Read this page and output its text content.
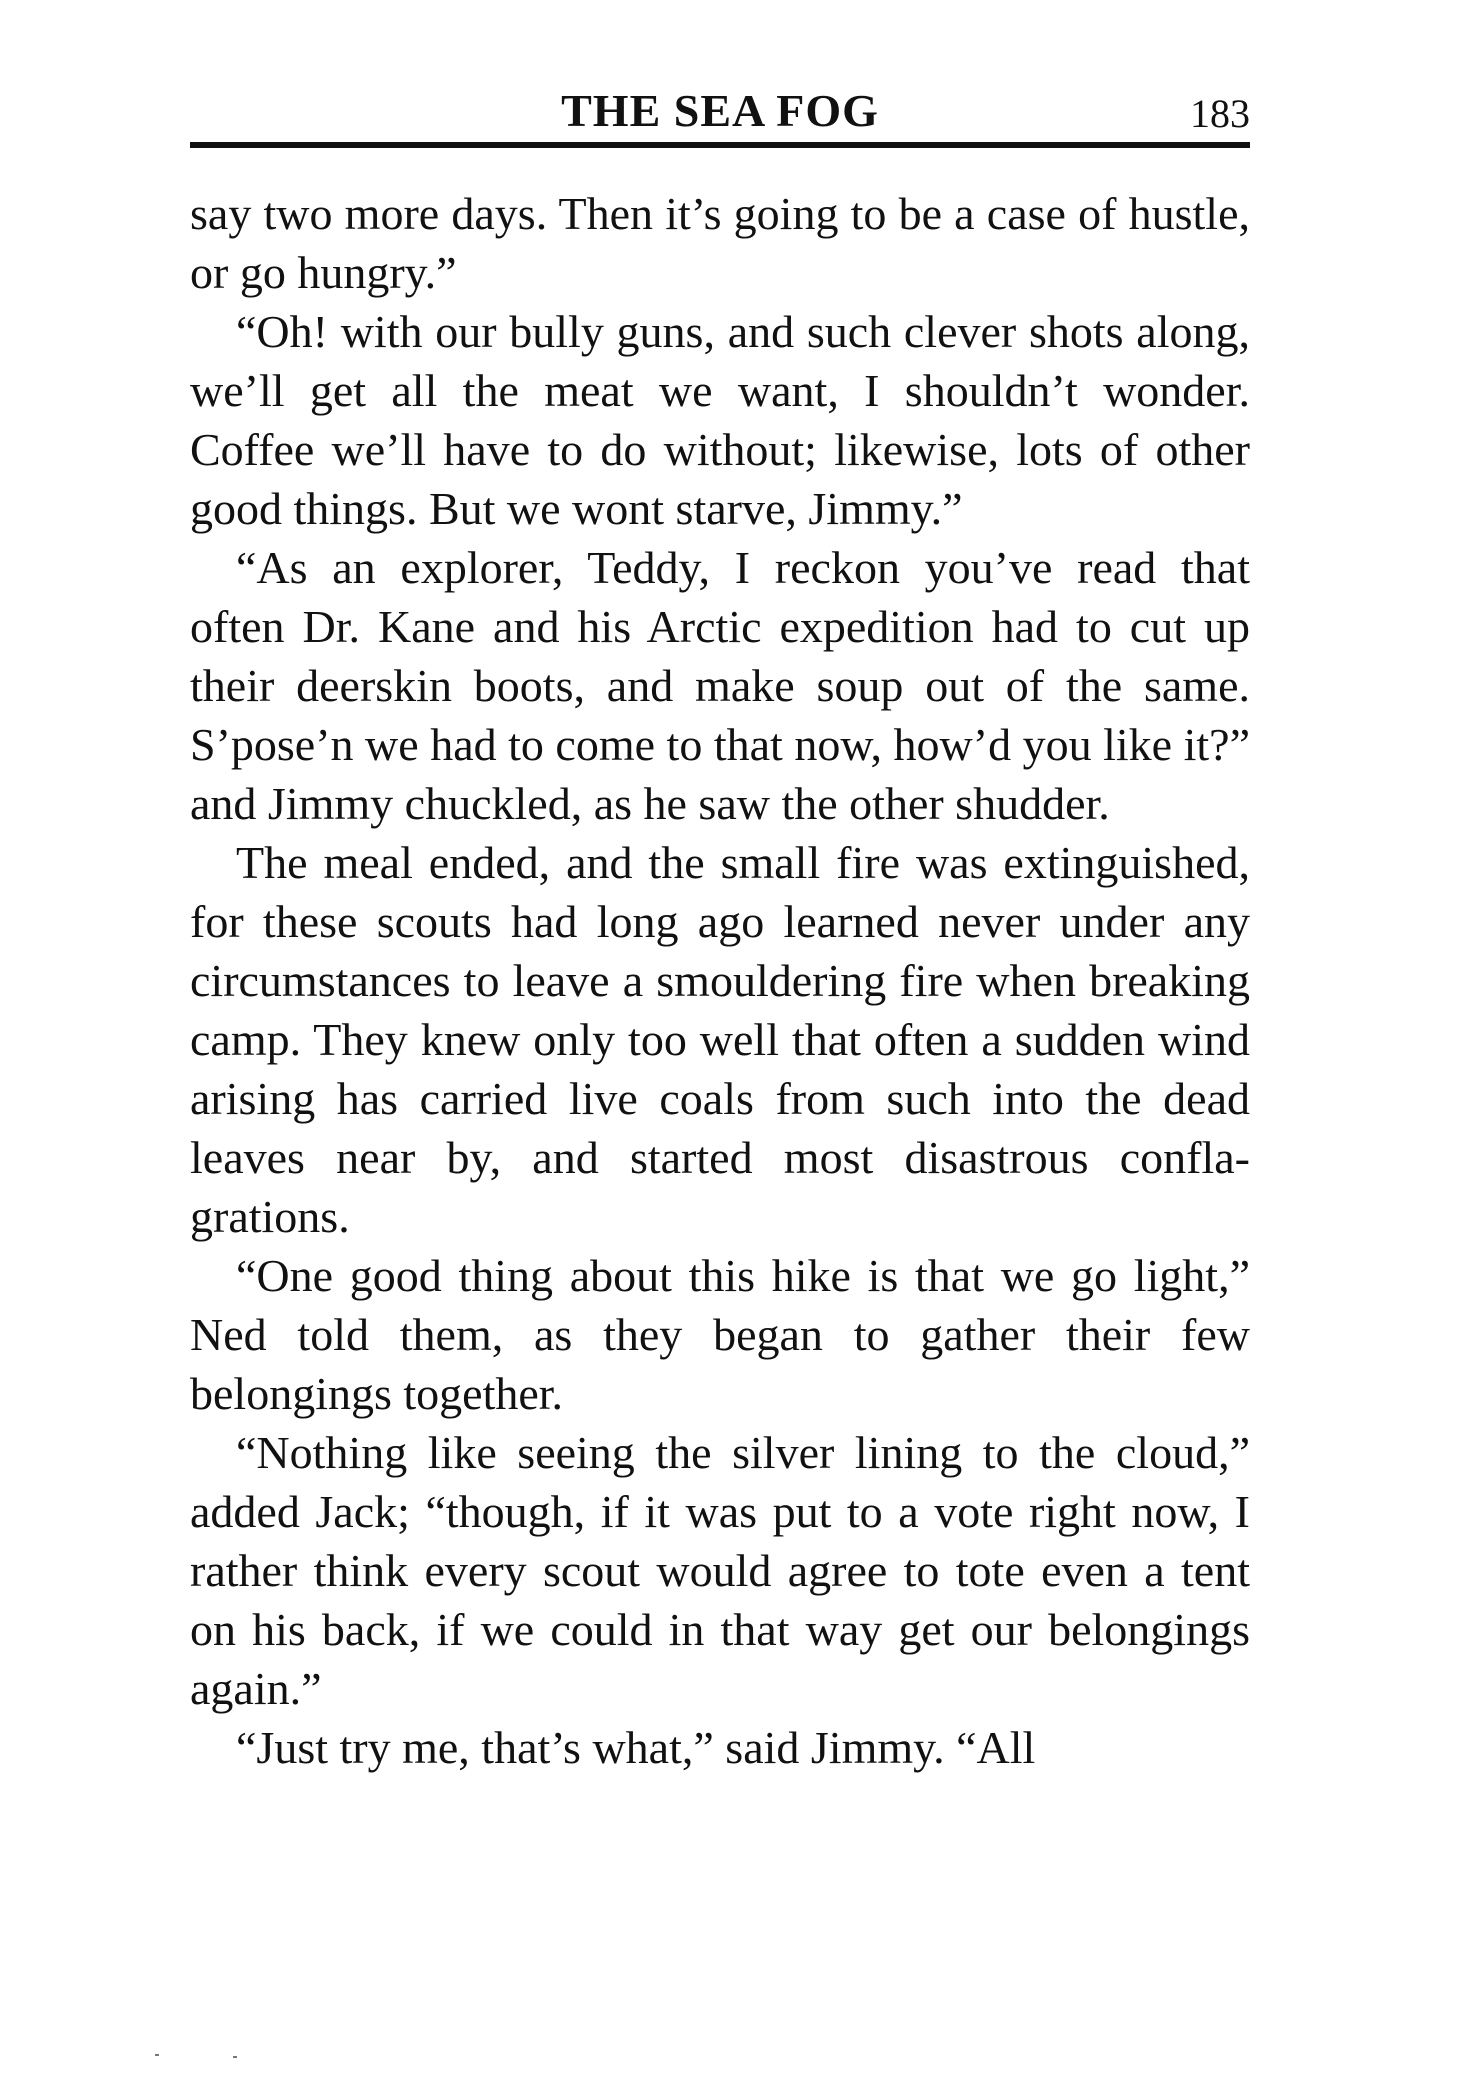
THE SEA FOG	183

say two more days. Then it’s going to be a case of hustle, or go hungry.”

“Oh! with our bully guns, and such clever shots along, we’ll get all the meat we want, I shouldn’t wonder. Coffee we’ll have to do without; likewise, lots of other good things. But we wont starve, Jimmy.”

“As an explorer, Teddy, I reckon you’ve read that often Dr. Kane and his Arctic expedition had to cut up their deerskin boots, and make soup out of the same. S’pose’n we had to come to that now, how’d you like it?” and Jimmy chuckled, as he saw the other shudder.

The meal ended, and the small fire was extinguished, for these scouts had long ago learned never under any circumstances to leave a smouldering fire when breaking camp. They knew only too well that often a sudden wind arising has carried live coals from such into the dead leaves near by, and started most disastrous conflagrations.

“One good thing about this hike is that we go light,” Ned told them, as they began to gather their few belongings together.

“Nothing like seeing the silver lining to the cloud,” added Jack; “though, if it was put to a vote right now, I rather think every scout would agree to tote even a tent on his back, if we could in that way get our belongings again.”

“Just try me, that’s what,” said Jimmy. “All
